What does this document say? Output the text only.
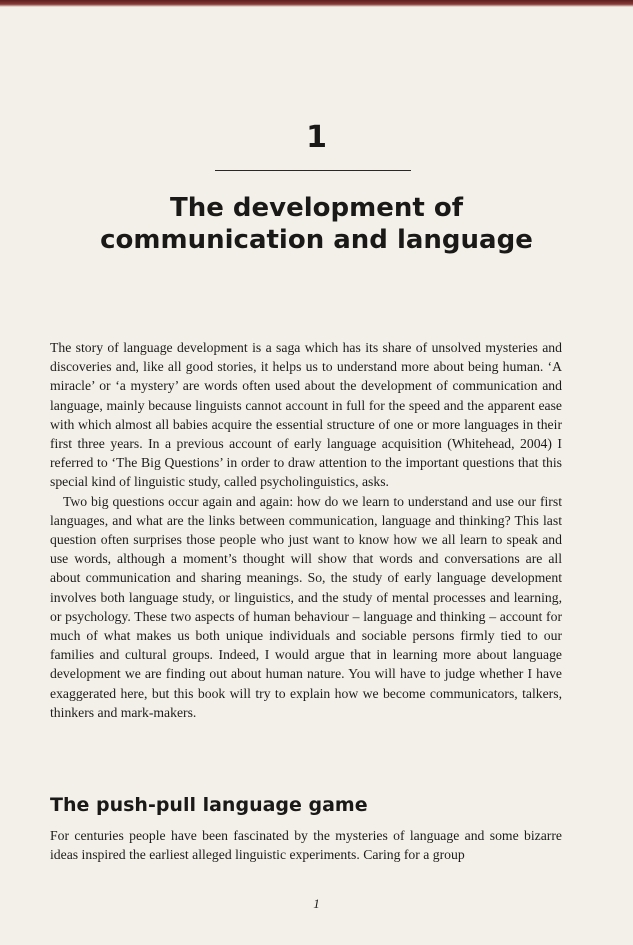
1
The development of
communication and language

The story of language development is a saga which has its share of unsolved mysteries and discoveries and, like all good stories, it helps us to understand more about being human. ‘A miracle’ or ‘a mystery’ are words often used about the development of communication and language, mainly because linguists cannot account in full for the speed and the apparent ease with which almost all babies acquire the essential structure of one or more languages in their first three years. In a previous account of early language acquisition (Whitehead, 2004) I referred to ‘The Big Questions’ in order to draw attention to the important questions that this special kind of linguistic study, called psycholinguistics, asks.

Two big questions occur again and again: how do we learn to understand and use our first languages, and what are the links between communication, language and thinking? This last question often surprises those people who just want to know how we all learn to speak and use words, although a moment’s thought will show that words and conversations are all about communication and sharing meanings. So, the study of early language development involves both language study, or linguistics, and the study of mental processes and learning, or psychology. These two aspects of human behaviour – language and thinking – account for much of what makes us both unique individuals and sociable persons firmly tied to our families and cultural groups. Indeed, I would argue that in learning more about language development we are finding out about human nature. You will have to judge whether I have exaggerated here, but this book will try to explain how we become communicators, talkers, thinkers and mark-makers.

The push-pull language game

For centuries people have been fascinated by the mysteries of language and some bizarre ideas inspired the earliest alleged linguistic experiments. Caring for a group

1
